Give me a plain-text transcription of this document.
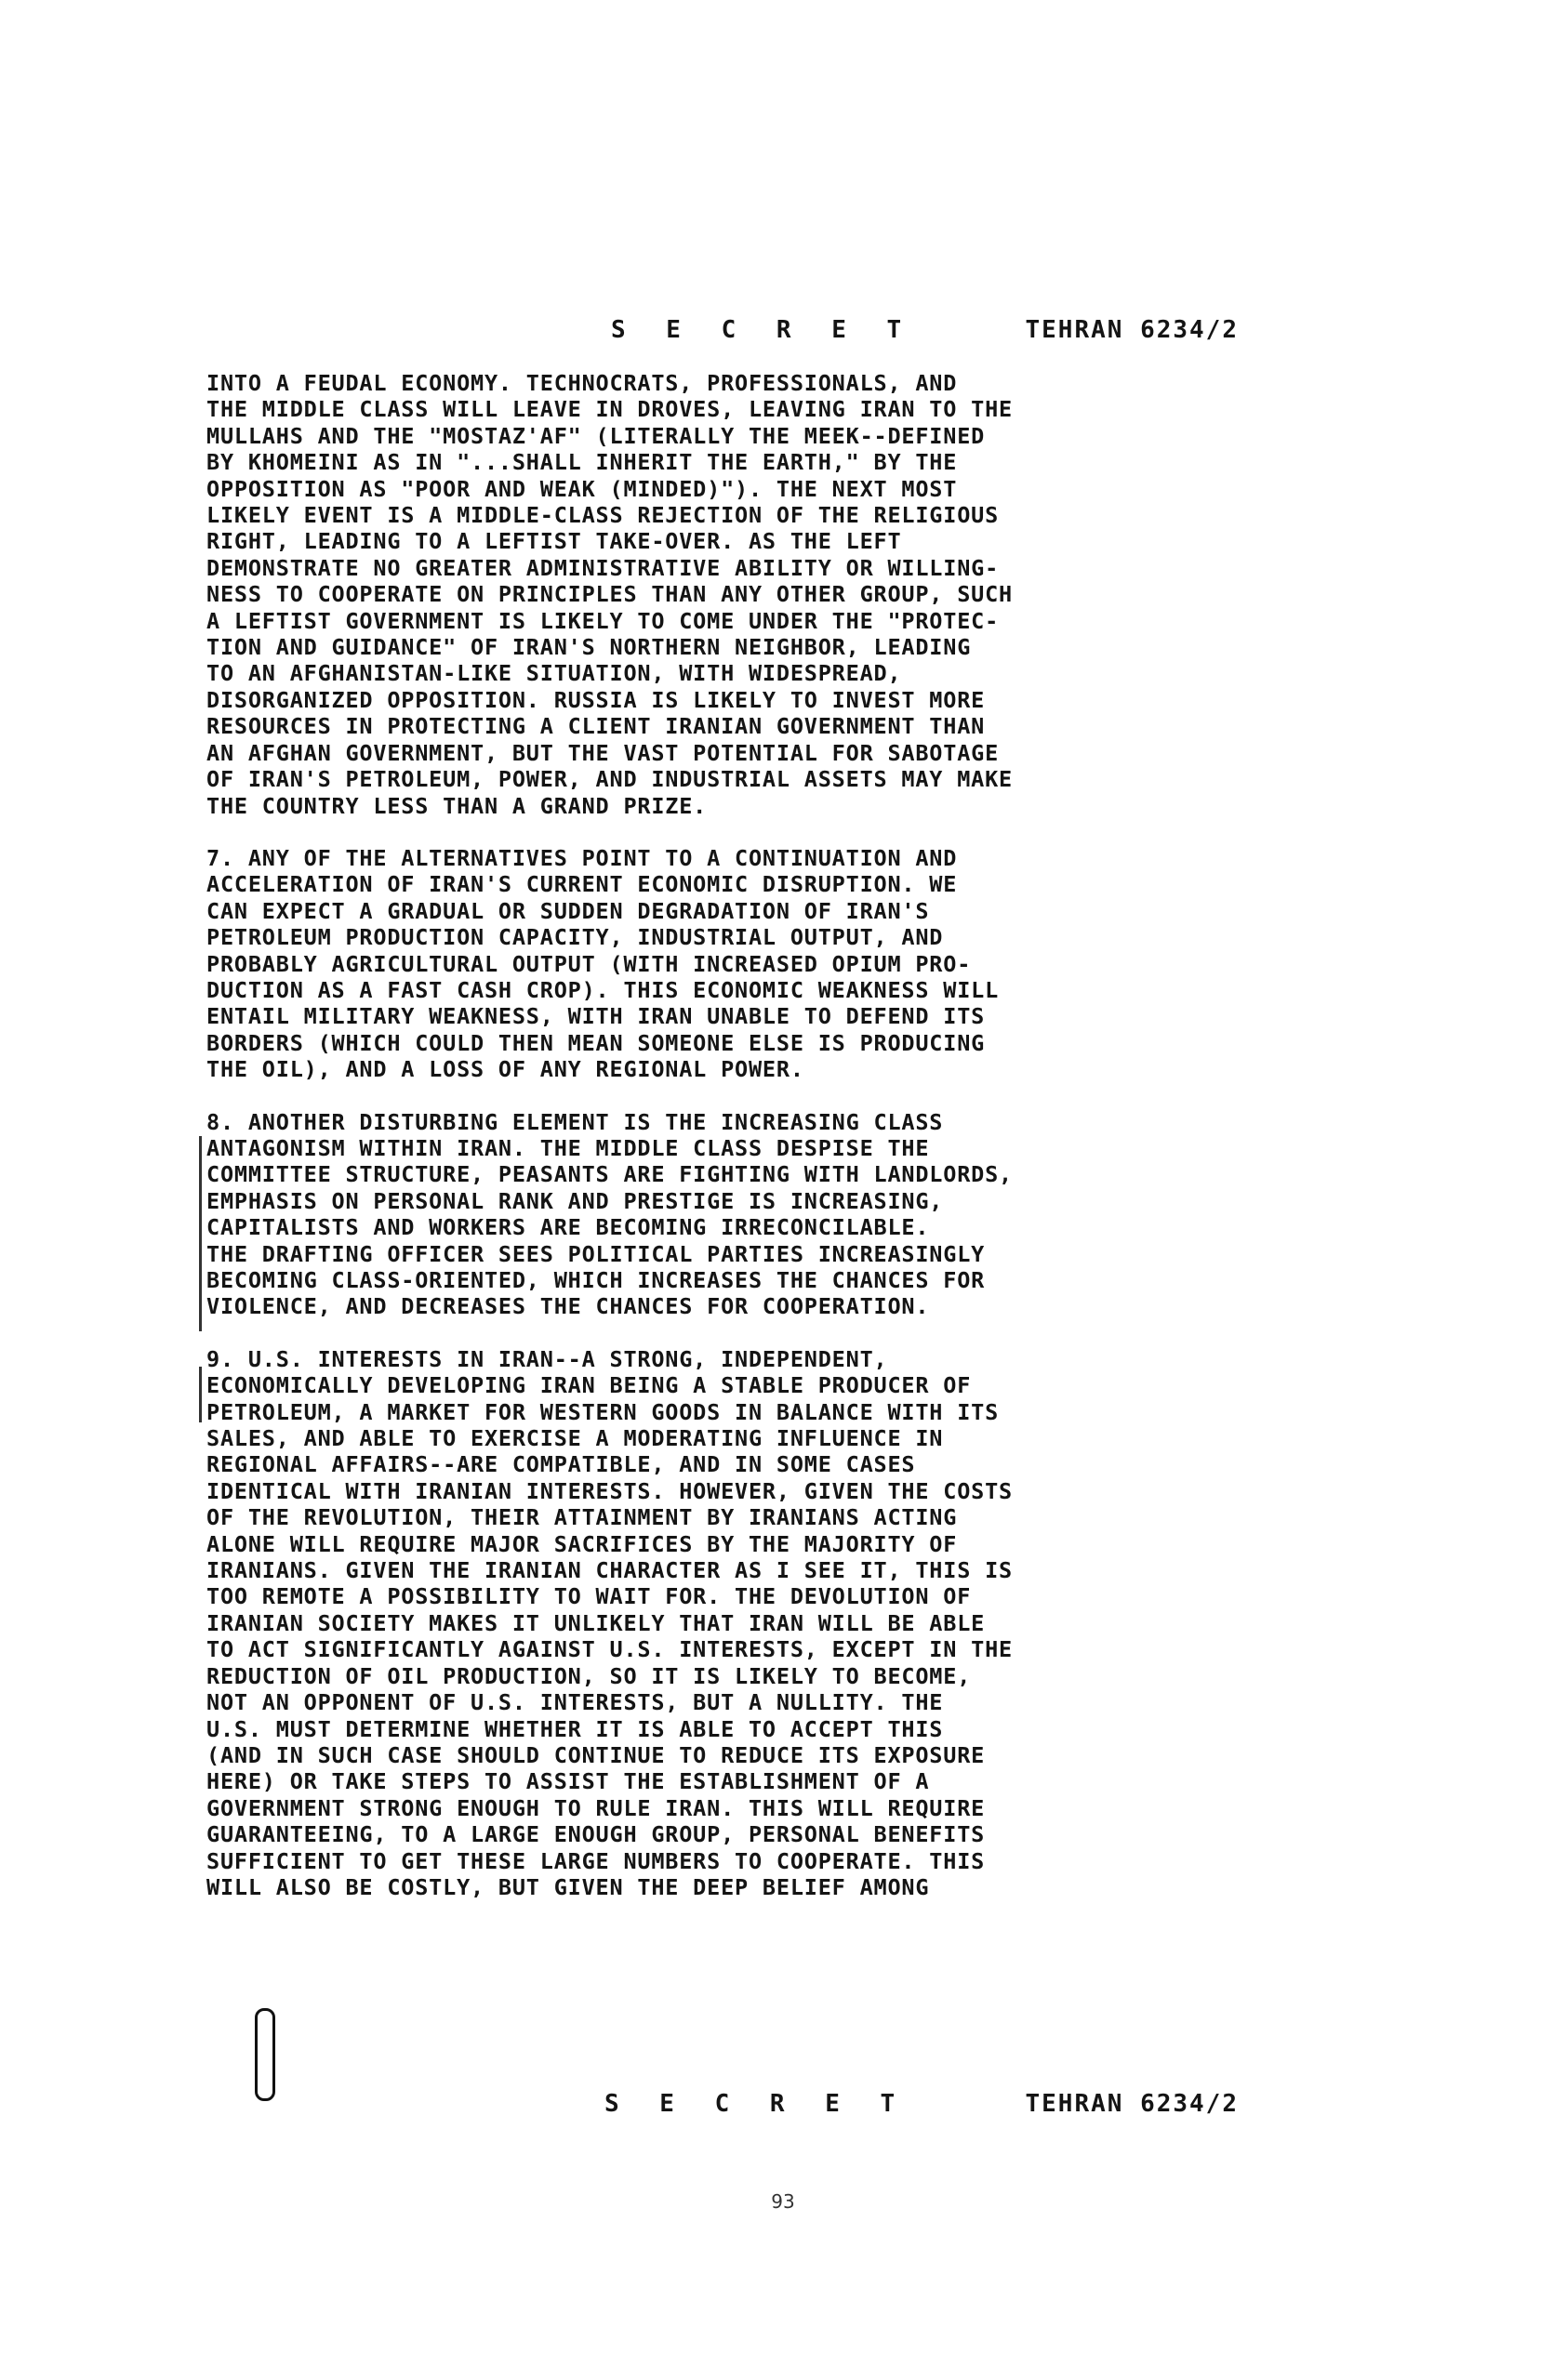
S E C R E T	TEHRAN 6234/2

INTO A FEUDAL ECONOMY. TECHNOCRATS, PROFESSIONALS, AND
THE MIDDLE CLASS WILL LEAVE IN DROVES, LEAVING IRAN TO THE
MULLAHS AND THE "MOSTAZ'AF" (LITERALLY THE MEEK--DEFINED
BY KHOMEINI AS IN "...SHALL INHERIT THE EARTH," BY THE
OPPOSITION AS "POOR AND WEAK (MINDED)"). THE NEXT MOST
LIKELY EVENT IS A MIDDLE-CLASS REJECTION OF THE RELIGIOUS
RIGHT, LEADING TO A LEFTIST TAKE-OVER. AS THE LEFT
DEMONSTRATE NO GREATER ADMINISTRATIVE ABILITY OR WILLING-
NESS TO COOPERATE ON PRINCIPLES THAN ANY OTHER GROUP, SUCH
A LEFTIST GOVERNMENT IS LIKELY TO COME UNDER THE "PROTEC-
TION AND GUIDANCE" OF IRAN'S NORTHERN NEIGHBOR, LEADING
TO AN AFGHANISTAN-LIKE SITUATION, WITH WIDESPREAD,
DISORGANIZED OPPOSITION. RUSSIA IS LIKELY TO INVEST MORE
RESOURCES IN PROTECTING A CLIENT IRANIAN GOVERNMENT THAN
AN AFGHAN GOVERNMENT, BUT THE VAST POTENTIAL FOR SABOTAGE
OF IRAN'S PETROLEUM, POWER, AND INDUSTRIAL ASSETS MAY MAKE
THE COUNTRY LESS THAN A GRAND PRIZE.

7. ANY OF THE ALTERNATIVES POINT TO A CONTINUATION AND
ACCELERATION OF IRAN'S CURRENT ECONOMIC DISRUPTION. WE
CAN EXPECT A GRADUAL OR SUDDEN DEGRADATION OF IRAN'S
PETROLEUM PRODUCTION CAPACITY, INDUSTRIAL OUTPUT, AND
PROBABLY AGRICULTURAL OUTPUT (WITH INCREASED OPIUM PRO-
DUCTION AS A FAST CASH CROP). THIS ECONOMIC WEAKNESS WILL
ENTAIL MILITARY WEAKNESS, WITH IRAN UNABLE TO DEFEND ITS
BORDERS (WHICH COULD THEN MEAN SOMEONE ELSE IS PRODUCING
THE OIL), AND A LOSS OF ANY REGIONAL POWER.

8. ANOTHER DISTURBING ELEMENT IS THE INCREASING CLASS
ANTAGONISM WITHIN IRAN. THE MIDDLE CLASS DESPISE THE
COMMITTEE STRUCTURE, PEASANTS ARE FIGHTING WITH LANDLORDS,
EMPHASIS ON PERSONAL RANK AND PRESTIGE IS INCREASING,
CAPITALISTS AND WORKERS ARE BECOMING IRRECONCILABLE.
THE DRAFTING OFFICER SEES POLITICAL PARTIES INCREASINGLY
BECOMING CLASS-ORIENTED, WHICH INCREASES THE CHANCES FOR
VIOLENCE, AND DECREASES THE CHANCES FOR COOPERATION.

9. U.S. INTERESTS IN IRAN--A STRONG, INDEPENDENT,
ECONOMICALLY DEVELOPING IRAN BEING A STABLE PRODUCER OF
PETROLEUM, A MARKET FOR WESTERN GOODS IN BALANCE WITH ITS
SALES, AND ABLE TO EXERCISE A MODERATING INFLUENCE IN
REGIONAL AFFAIRS--ARE COMPATIBLE, AND IN SOME CASES
IDENTICAL WITH IRANIAN INTERESTS. HOWEVER, GIVEN THE COSTS
OF THE REVOLUTION, THEIR ATTAINMENT BY IRANIANS ACTING
ALONE WILL REQUIRE MAJOR SACRIFICES BY THE MAJORITY OF
IRANIANS. GIVEN THE IRANIAN CHARACTER AS I SEE IT, THIS IS
TOO REMOTE A POSSIBILITY TO WAIT FOR. THE DEVOLUTION OF
IRANIAN SOCIETY MAKES IT UNLIKELY THAT IRAN WILL BE ABLE
TO ACT SIGNIFICANTLY AGAINST U.S. INTERESTS, EXCEPT IN THE
REDUCTION OF OIL PRODUCTION, SO IT IS LIKELY TO BECOME,
NOT AN OPPONENT OF U.S. INTERESTS, BUT A NULLITY. THE
U.S. MUST DETERMINE WHETHER IT IS ABLE TO ACCEPT THIS
(AND IN SUCH CASE SHOULD CONTINUE TO REDUCE ITS EXPOSURE
HERE) OR TAKE STEPS TO ASSIST THE ESTABLISHMENT OF A
GOVERNMENT STRONG ENOUGH TO RULE IRAN. THIS WILL REQUIRE
GUARANTEEING, TO A LARGE ENOUGH GROUP, PERSONAL BENEFITS
SUFFICIENT TO GET THESE LARGE NUMBERS TO COOPERATE. THIS
WILL ALSO BE COSTLY, BUT GIVEN THE DEEP BELIEF AMONG

S E C R E T	TEHRAN 6234/2
93
